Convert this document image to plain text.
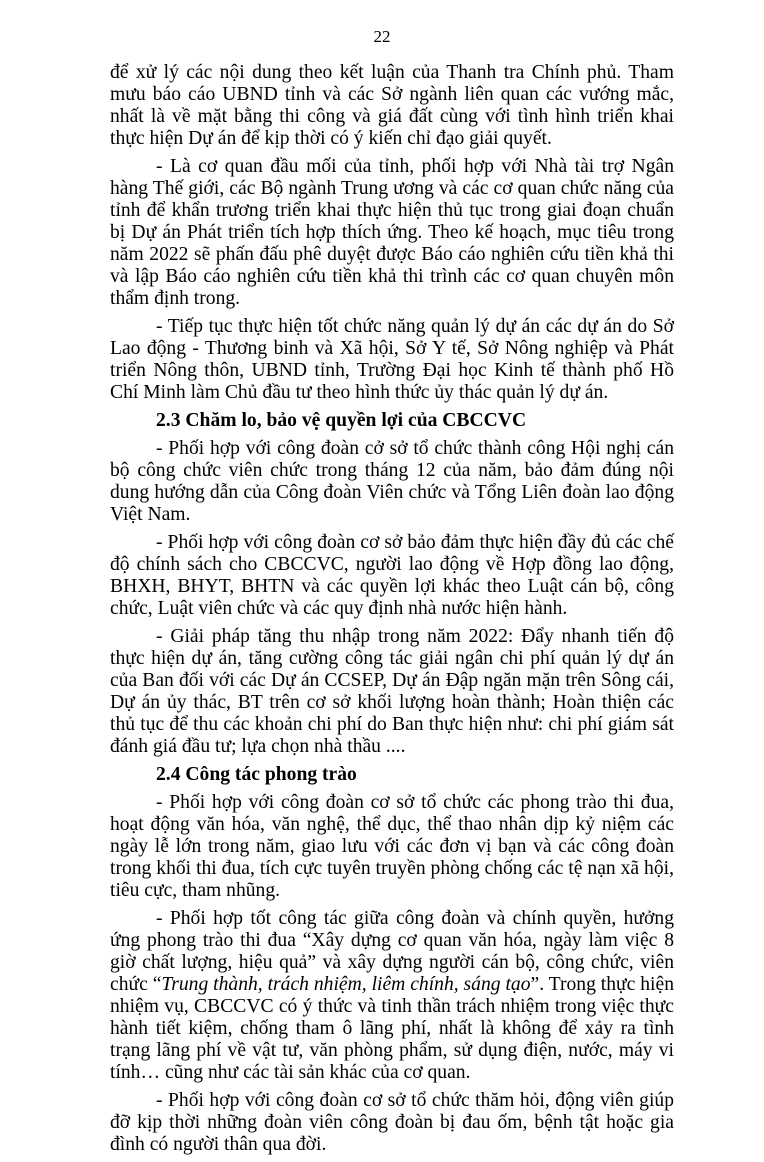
22

để xử lý các nội dung theo kết luận của Thanh tra Chính phủ. Tham mưu báo cáo UBND tỉnh và các Sở ngành liên quan các vướng mắc, nhất là về mặt bằng thi công và giá đất cùng với tình hình triển khai thực hiện Dự án để kịp thời có ý kiến chỉ đạo giải quyết.

- Là cơ quan đầu mối của tỉnh, phối hợp với Nhà tài trợ Ngân hàng Thế giới, các Bộ ngành Trung ương và các cơ quan chức năng của tỉnh để khẩn trương triển khai thực hiện thủ tục trong giai đoạn chuẩn bị Dự án Phát triển tích hợp thích ứng. Theo kế hoạch, mục tiêu trong năm 2022 sẽ phấn đấu phê duyệt được Báo cáo nghiên cứu tiền khả thi và lập Báo cáo nghiên cứu tiền khả thi trình các cơ quan chuyên môn thẩm định trong.

- Tiếp tục thực hiện tốt chức năng quản lý dự án các dự án do Sở Lao động - Thương binh và Xã hội, Sở Y tế, Sở Nông nghiệp và Phát triển Nông thôn, UBND tỉnh, Trường Đại học Kinh tế thành phố Hồ Chí Minh làm Chủ đầu tư theo hình thức ủy thác quản lý dự án.

2.3 Chăm lo, bảo vệ quyền lợi của CBCCVC

- Phối hợp với công đoàn cở sở tổ chức thành công Hội nghị cán bộ công chức viên chức trong tháng 12 của năm, bảo đảm đúng nội dung hướng dẫn của Công đoàn Viên chức và Tổng Liên đoàn lao động Việt Nam.

- Phối hợp với công đoàn cơ sở bảo đảm thực hiện đầy đủ các chế độ chính sách cho CBCCVC, người lao động về Hợp đồng lao động, BHXH, BHYT, BHTN và các quyền lợi khác theo Luật cán bộ, công chức, Luật viên chức và các quy định nhà nước hiện hành.

- Giải pháp tăng thu nhập trong năm 2022: Đẩy nhanh tiến độ thực hiện dự án, tăng cường công tác giải ngân chi phí quản lý dự án của Ban đối với các Dự án CCSEP, Dự án Đập ngăn mặn trên Sông cái, Dự án ủy thác, BT trên cơ sở khối lượng hoàn thành; Hoàn thiện các thủ tục để thu các khoản chi phí do Ban thực hiện như: chi phí giám sát đánh giá đầu tư; lựa chọn nhà thầu ....

2.4 Công tác phong trào

- Phối hợp với công đoàn cơ sở tổ chức các phong trào thi đua, hoạt động văn hóa, văn nghệ, thể dục, thể thao nhân dịp kỷ niệm các ngày lễ lớn trong năm, giao lưu với các đơn vị bạn và các công đoàn trong khối thi đua, tích cực tuyên truyền phòng chống các tệ nạn xã hội, tiêu cực, tham nhũng.

- Phối hợp tốt công tác giữa công đoàn và chính quyền, hưởng ứng phong trào thi đua “Xây dựng cơ quan văn hóa, ngày làm việc 8 giờ chất lượng, hiệu quả” và xây dựng người cán bộ, công chức, viên chức “Trung thành, trách nhiệm, liêm chính, sáng tạo”. Trong thực hiện nhiệm vụ, CBCCVC có ý thức và tinh thần trách nhiệm trong việc thực hành tiết kiệm, chống tham ô lãng phí, nhất là không để xảy ra tình trạng lãng phí về vật tư, văn phòng phẩm, sử dụng điện, nước, máy vi tính… cũng như các tài sản khác của cơ quan.

- Phối hợp với công đoàn cơ sở tổ chức thăm hỏi, động viên giúp đỡ kịp thời những đoàn viên công đoàn bị đau ốm, bệnh tật hoặc gia đình có người thân qua đời.
